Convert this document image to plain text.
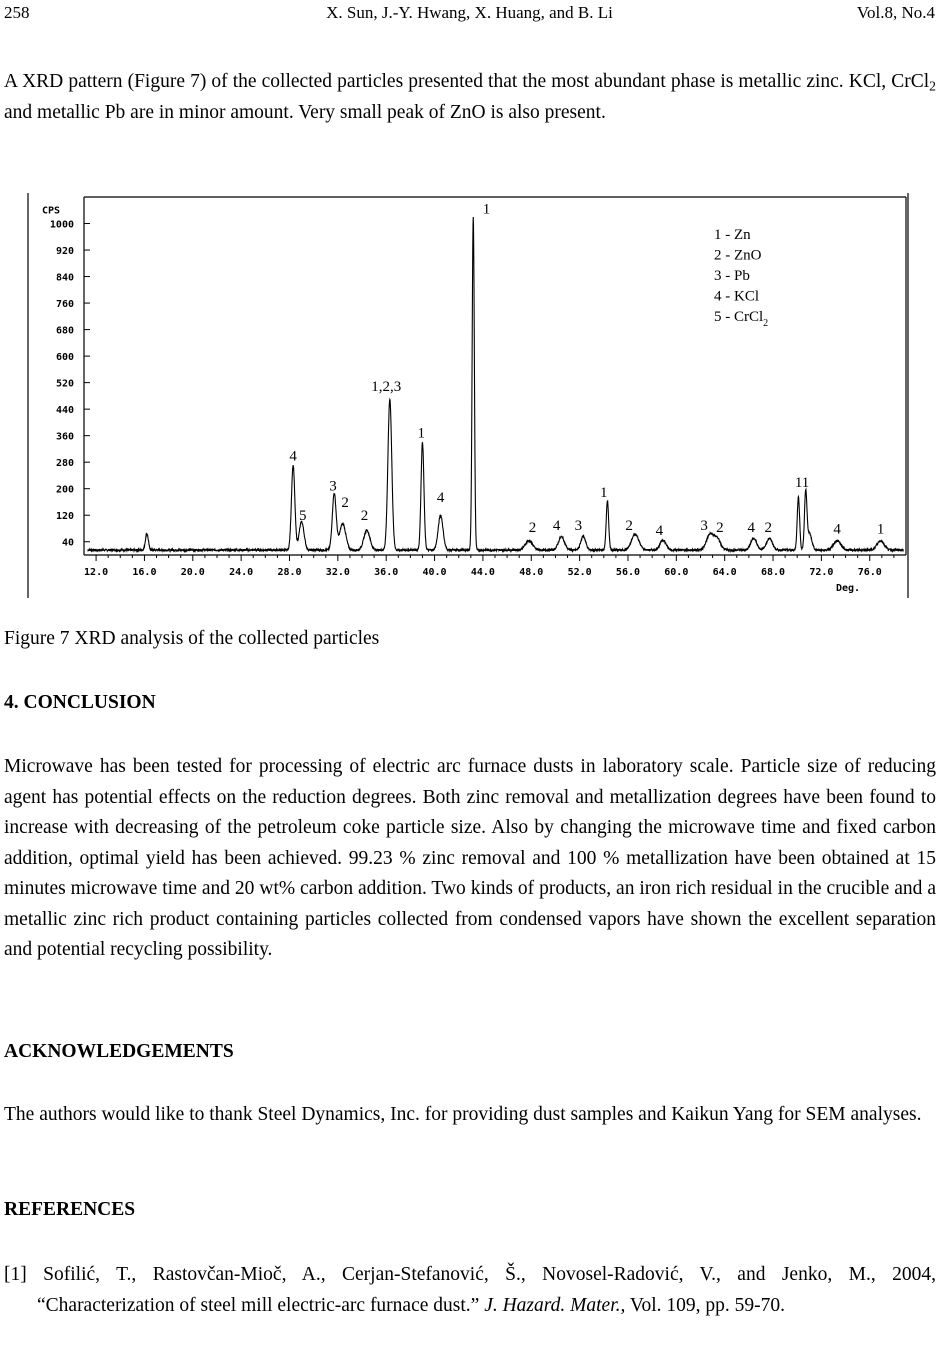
258	X. Sun, J.-Y. Hwang, X. Huang, and B. Li	Vol.8, No.4

A XRD pattern (Figure 7) of the collected particles presented that the most abundant phase is metallic zinc. KCl, CrCl$_2$ and metallic Pb are in minor amount. Very small peak of ZnO is also present.

40
120
200
280
360
440
520
600
680
760
840
920
1000
12.0 16.0 20.0 24.0 28.0 32.0 36.0 40.0 44.0 48.0 52.0 56.0 60.0 64.0 68.0 72.0 76.0
4
5
3
2
2
1,2,3
1
4
1
2 4 3
1
2 4 3 2 4 2
11
4 1
1 - Zn
2 - ZnO
3 - Pb
4 - KCl
5 - CrCl$_2$
CPS
Deg.
Figure 7 XRD analysis of the collected particles
4. CONCLUSION

Microwave has been tested for processing of electric arc furnace dusts in laboratory scale. Particle size of reducing agent has potential effects on the reduction degrees. Both zinc removal and metallization degrees have been found to increase with decreasing of the petroleum coke particle size. Also by changing the microwave time and fixed carbon addition, optimal yield has been achieved. 99.23 % zinc removal and 100 % metallization have been obtained at 15 minutes microwave time and 20 wt% carbon addition. Two kinds of products, an iron rich residual in the crucible and a metallic zinc rich product containing particles collected from condensed vapors have shown the excellent separation and potential recycling possibility.

ACKNOWLEDGEMENTS

The authors would like to thank Steel Dynamics, Inc. for providing dust samples and Kaikun Yang for SEM analyses.

REFERENCES
[1] Sofilić, T., Rastovčan-Mioč, A., Cerjan-Stefanović, Š., Novosel-Radović, V., and Jenko, M., 2004, “Characterization of steel mill electric-arc furnace dust.” J. Hazard. Mater., Vol. 109, pp. 59-70.
